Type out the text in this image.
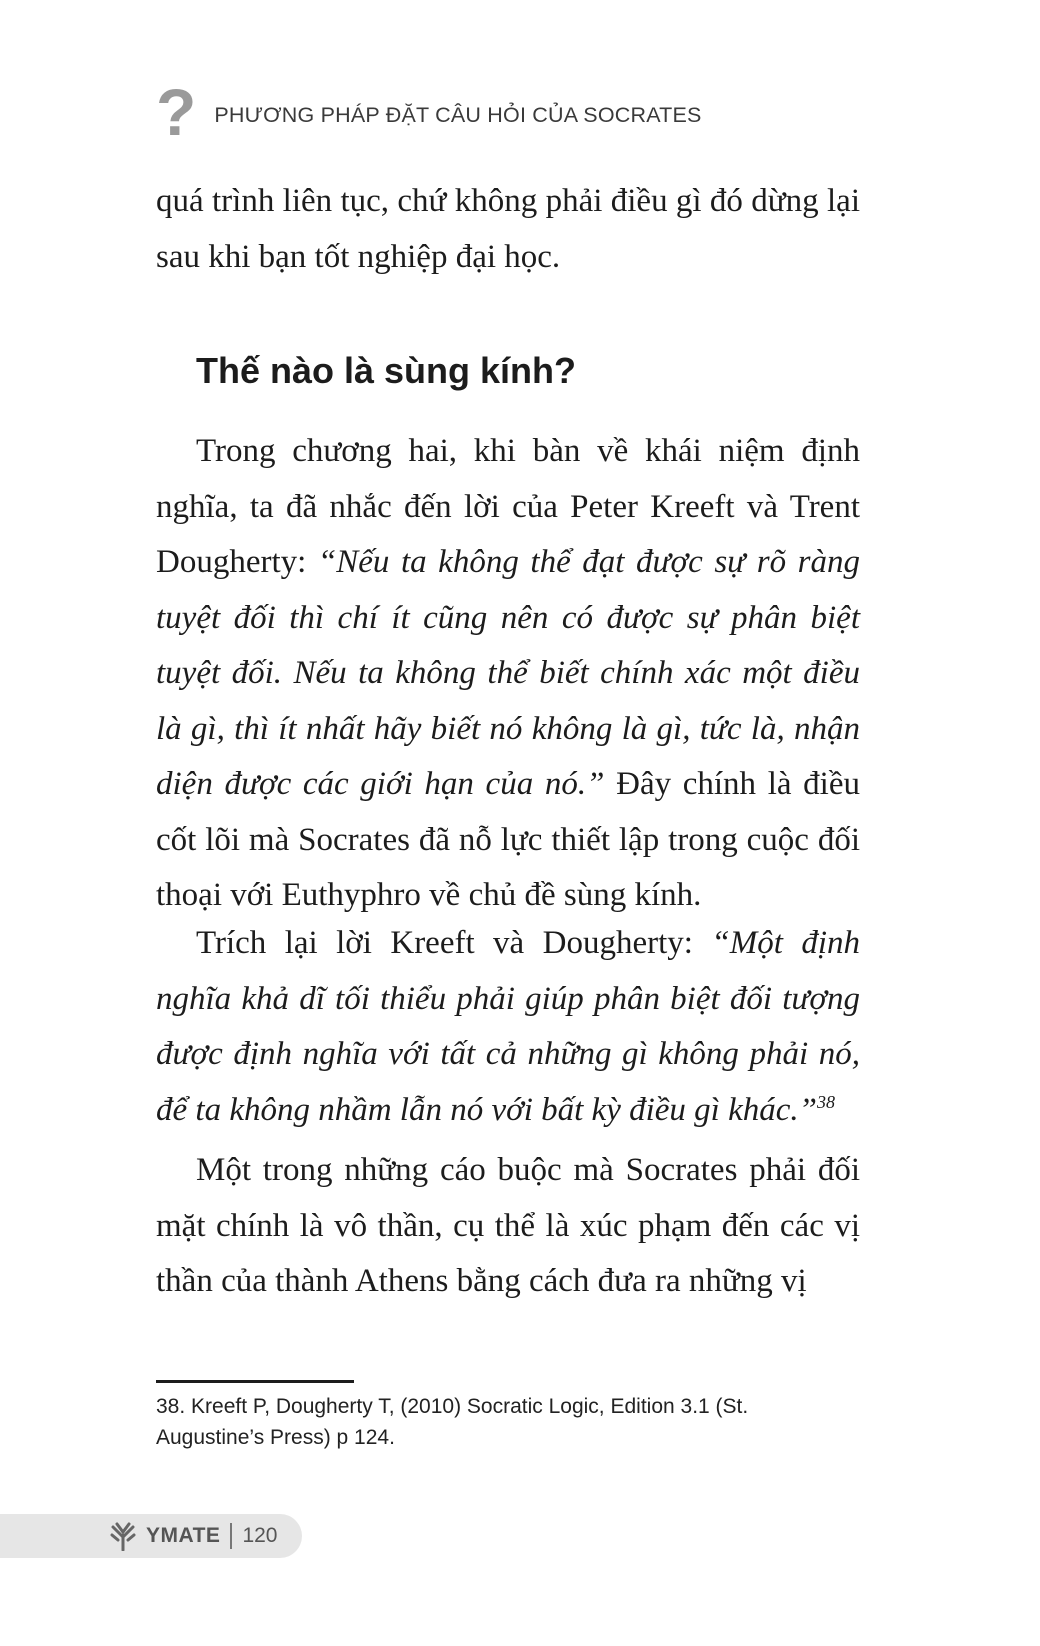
? PHƯƠNG PHÁP ĐẶT CÂU HỎI CỦA SOCRATES

quá trình liên tục, chứ không phải điều gì đó dừng lại sau khi bạn tốt nghiệp đại học.

Thế nào là sùng kính?

Trong chương hai, khi bàn về khái niệm định nghĩa, ta đã nhắc đến lời của Peter Kreeft và Trent Dougherty: “Nếu ta không thể đạt được sự rõ ràng tuyệt đối thì chí ít cũng nên có được sự phân biệt tuyệt đối. Nếu ta không thể biết chính xác một điều là gì, thì ít nhất hãy biết nó không là gì, tức là, nhận diện được các giới hạn của nó.” Đây chính là điều cốt lõi mà Socrates đã nỗ lực thiết lập trong cuộc đối thoại với Euthyphro về chủ đề sùng kính.

Trích lại lời Kreeft và Dougherty: “Một định nghĩa khả dĩ tối thiểu phải giúp phân biệt đối tượng được định nghĩa với tất cả những gì không phải nó, để ta không nhầm lẫn nó với bất kỳ điều gì khác.”$^{38}$

Một trong những cáo buộc mà Socrates phải đối mặt chính là vô thần, cụ thể là xúc phạm đến các vị thần của thành Athens bằng cách đưa ra những vị

38. Kreeft P, Dougherty T, (2010) Socratic Logic, Edition 3.1 (St. Augustine’s Press) p 124.

YMATE 120
